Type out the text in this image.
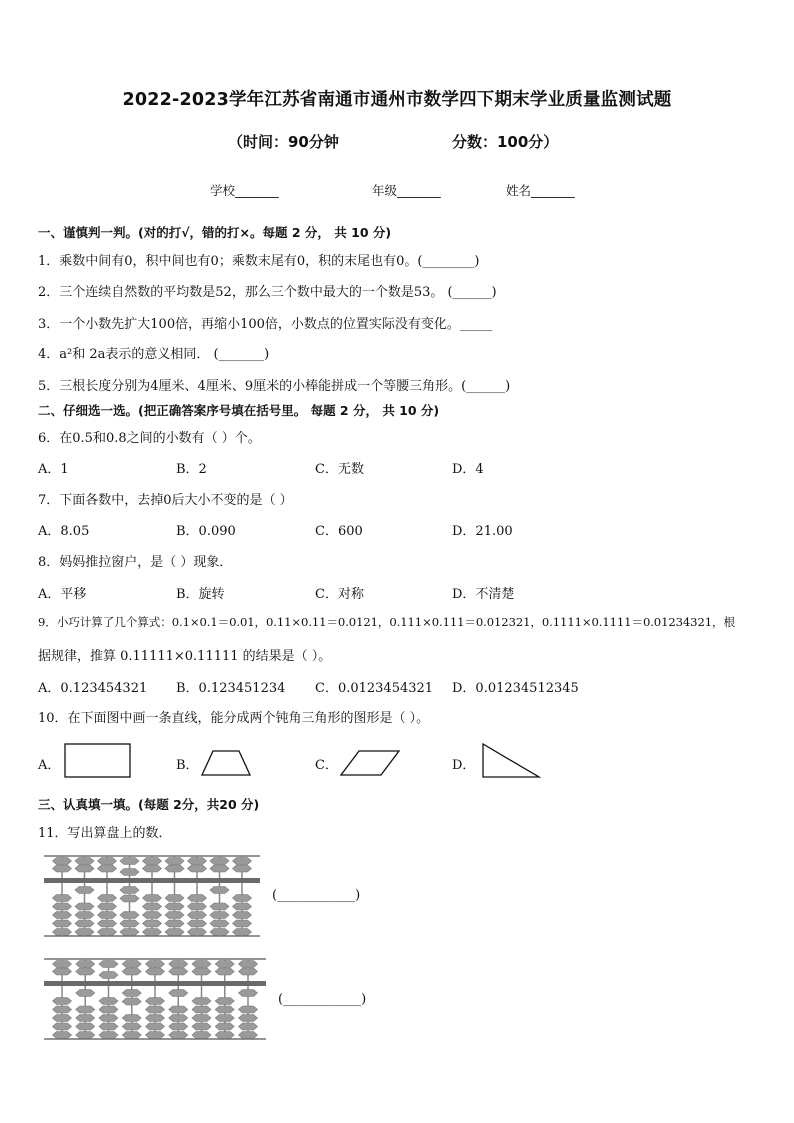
2022-2023学年江苏省南通市通州市数学四下期末学业质量监测试题
（时间：90分钟	分数：100分）
学校_______	年级_______	姓名_______
一、谨慎判一判。(对的打√，错的打×。每题 2 分， 共 10 分)
1．乘数中间有0，积中间也有0；乘数末尾有0，积的末尾也有0。(________)
2．三个连续自然数的平均数是52，那么三个数中最大的一个数是53。 (______)
3．一个小数先扩大100倍，再缩小100倍，小数点的位置实际没有变化。_____
4．a²和 2a表示的意义相同． (_______)
5．三根长度分别为4厘米、4厘米、9厘米的小棒能拼成一个等腰三角形。(______)
二、仔细选一选。(把正确答案序号填在括号里。 每题 2 分， 共 10 分)
6．在0.5和0.8之间的小数有（ ）个。
A．1	B．2	C．无数	D．4
7．下面各数中，去掉0后大小不变的是（ ）
A．8.05	B．0.090	C．600	D．21.00
8．妈妈推拉窗户，是（ ）现象．
A．平移	B．旋转	C．对称	D．不清楚
9．小巧计算了几个算式：0.1×0.1＝0.01，0.11×0.11＝0.0121，0.111×0.111＝0.012321，0.1111×0.1111＝0.01234321，根
据规律，推算 0.11111×0.11111 的结果是（ ）。
A．0.123454321 B．0.123451234 C．0.0123454321 D．0.01234512345
10．在下面图中画一条直线，能分成两个钝角三角形的图形是（ ）。
A．	B．	C．	D．
三、认真填一填。(每题 2分，共20 分)
11．写出算盘上的数．
(____________)
(____________)
